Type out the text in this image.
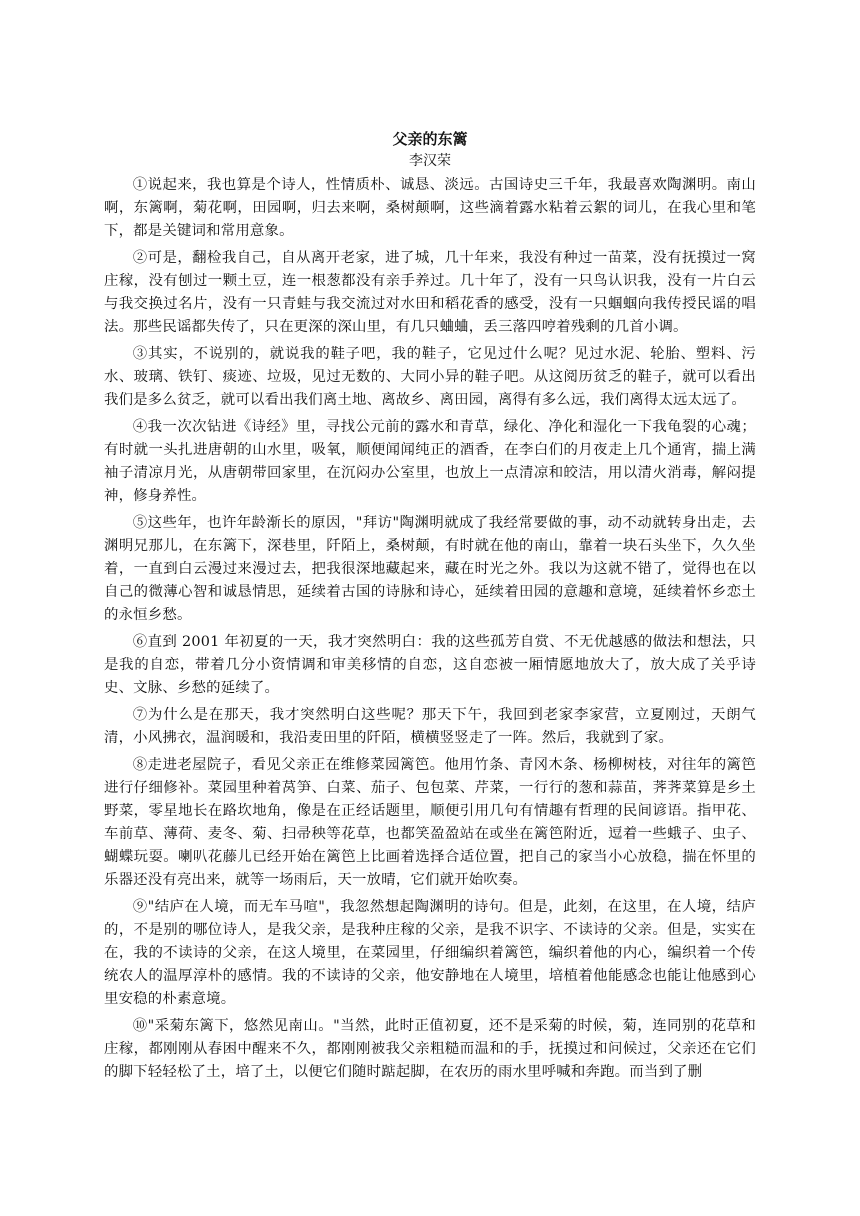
父亲的东篱
李汉荣

①说起来，我也算是个诗人，性情质朴、诚恳、淡远。古国诗史三千年，我最喜欢陶渊明。南山啊，东篱啊，菊花啊，田园啊，归去来啊，桑树颠啊，这些滴着露水粘着云絮的词儿，在我心里和笔下，都是关键词和常用意象。

②可是，翻检我自己，自从离开老家，进了城，几十年来，我没有种过一苗菜，没有抚摸过一窝庄稼，没有刨过一颗土豆，连一根葱都没有亲手养过。几十年了，没有一只鸟认识我，没有一片白云与我交换过名片，没有一只青蛙与我交流过对水田和稻花香的感受，没有一只蝈蝈向我传授民谣的唱法。那些民谣都失传了，只在更深的深山里，有几只蛐蛐，丢三落四哼着残剩的几首小调。

③其实，不说别的，就说我的鞋子吧，我的鞋子，它见过什么呢？见过水泥、轮胎、塑料、污水、玻璃、铁钉、痰迹、垃圾，见过无数的、大同小异的鞋子吧。从这阅历贫乏的鞋子，就可以看出我们是多么贫乏，就可以看出我们离土地、离故乡、离田园，离得有多么远，我们离得太远太远了。

④我一次次钻进《诗经》里，寻找公元前的露水和青草，绿化、净化和湿化一下我龟裂的心魂；有时就一头扎进唐朝的山水里，吸氧，顺便闻闻纯正的酒香，在李白们的月夜走上几个通宵，揣上满袖子清凉月光，从唐朝带回家里，在沉闷办公室里，也放上一点清凉和皎洁，用以清火消毒，解闷提神，修身养性。

⑤这些年，也许年龄渐长的原因，"拜访"陶渊明就成了我经常要做的事，动不动就转身出走，去渊明兄那儿，在东篱下，深巷里，阡陌上，桑树颠，有时就在他的南山，靠着一块石头坐下，久久坐着，一直到白云漫过来漫过去，把我很深地藏起来，藏在时光之外。我以为这就不错了，觉得也在以自己的微薄心智和诚恳情思，延续着古国的诗脉和诗心，延续着田园的意趣和意境，延续着怀乡恋土的永恒乡愁。

⑥直到 2001 年初夏的一天，我才突然明白：我的这些孤芳自赏、不无优越感的做法和想法，只是我的自恋，带着几分小资情调和审美移情的自恋，这自恋被一厢情愿地放大了，放大成了关乎诗史、文脉、乡愁的延续了。

⑦为什么是在那天，我才突然明白这些呢？那天下午，我回到老家李家营，立夏刚过，天朗气清，小风拂衣，温润暖和，我沿麦田里的阡陌，横横竖竖走了一阵。然后，我就到了家。

⑧走进老屋院子，看见父亲正在维修菜园篱笆。他用竹条、青冈木条、杨柳树枝，对往年的篱笆进行仔细修补。菜园里种着莴笋、白菜、茄子、包包菜、芹菜，一行行的葱和蒜苗，荠荠菜算是乡土野菜，零星地长在路坎地角，像是在正经话题里，顺便引用几句有情趣有哲理的民间谚语。指甲花、车前草、薄荷、麦冬、菊、扫帚秧等花草，也都笑盈盈站在或坐在篱笆附近，逗着一些蛾子、虫子、蝴蝶玩耍。喇叭花藤儿已经开始在篱笆上比画着选择合适位置，把自己的家当小心放稳，揣在怀里的乐器还没有亮出来，就等一场雨后，天一放晴，它们就开始吹奏。

⑨"结庐在人境，而无车马喧"，我忽然想起陶渊明的诗句。但是，此刻，在这里，在人境，结庐的，不是别的哪位诗人，是我父亲，是我种庄稼的父亲，是我不识字、不读诗的父亲。但是，实实在在，我的不读诗的父亲，在这人境里，在菜园里，仔细编织着篱笆，编织着他的内心，编织着一个传统农人的温厚淳朴的感情。我的不读诗的父亲，他安静地在人境里，培植着他能感念也能让他感到心里安稳的朴素意境。

⑩"采菊东篱下，悠然见南山。"当然，此时正值初夏，还不是采菊的时候，菊，连同别的花草和庄稼，都刚刚从春困中醒来不久，都刚刚被我父亲粗糙而温和的手，抚摸过和问候过，父亲还在它们的脚下轻轻松了土，培了土，以便它们随时踮起脚，在农历的雨水里呼喊和奔跑。而当到了删
